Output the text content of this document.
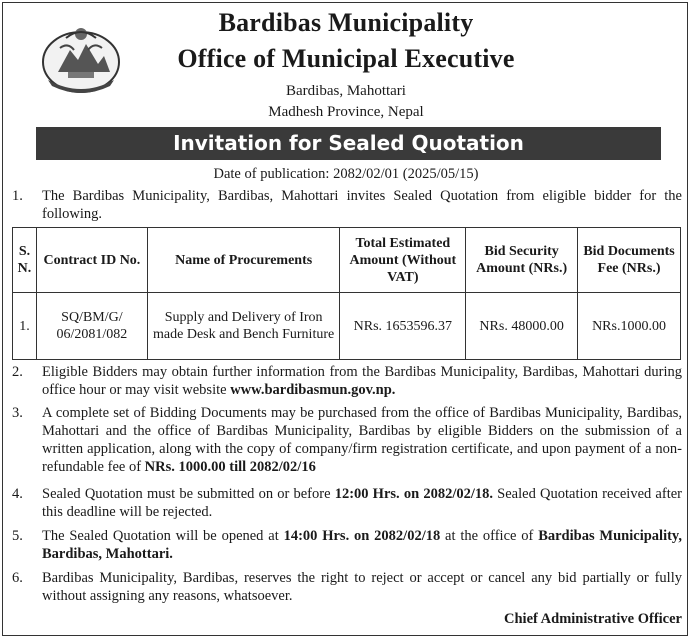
Bardibas Municipality
Office of Municipal Executive
Bardibas, Mahottari
Madhesh Province, Nepal
Invitation for Sealed Quotation
Date of publication: 2082/02/01 (2025/05/15)
1. The Bardibas Municipality, Bardibas, Mahottari invites Sealed Quotation from eligible bidder for the following.
S. N.	Contract ID No.	Name of Procurements	Total Estimated Amount (Without VAT)	Bid Security Amount (NRs.)	Bid Documents Fee (NRs.)
1.	SQ/BM/G/ 06/2081/082	Supply and Delivery of Iron made Desk and Bench Furniture	NRs. 1653596.37	NRs. 48000.00	NRs.1000.00
2. Eligible Bidders may obtain further information from the Bardibas Municipality, Bardibas, Mahottari during office hour or may visit website www.bardibasmun.gov.np.
3. A complete set of Bidding Documents may be purchased from the office of Bardibas Municipality, Bardibas, Mahottari and the office of Bardibas Municipality, Bardibas by eligible Bidders on the submission of a written application, along with the copy of company/firm registration certificate, and upon payment of a non-refundable fee of NRs. 1000.00 till 2082/02/16
4. Sealed Quotation must be submitted on or before 12:00 Hrs. on 2082/02/18. Sealed Quotation received after this deadline will be rejected.
5. The Sealed Quotation will be opened at 14:00 Hrs. on 2082/02/18 at the office of Bardibas Municipality, Bardibas, Mahottari.
6. Bardibas Municipality, Bardibas, reserves the right to reject or accept or cancel any bid partially or fully without assigning any reasons, whatsoever.
Chief Administrative Officer
